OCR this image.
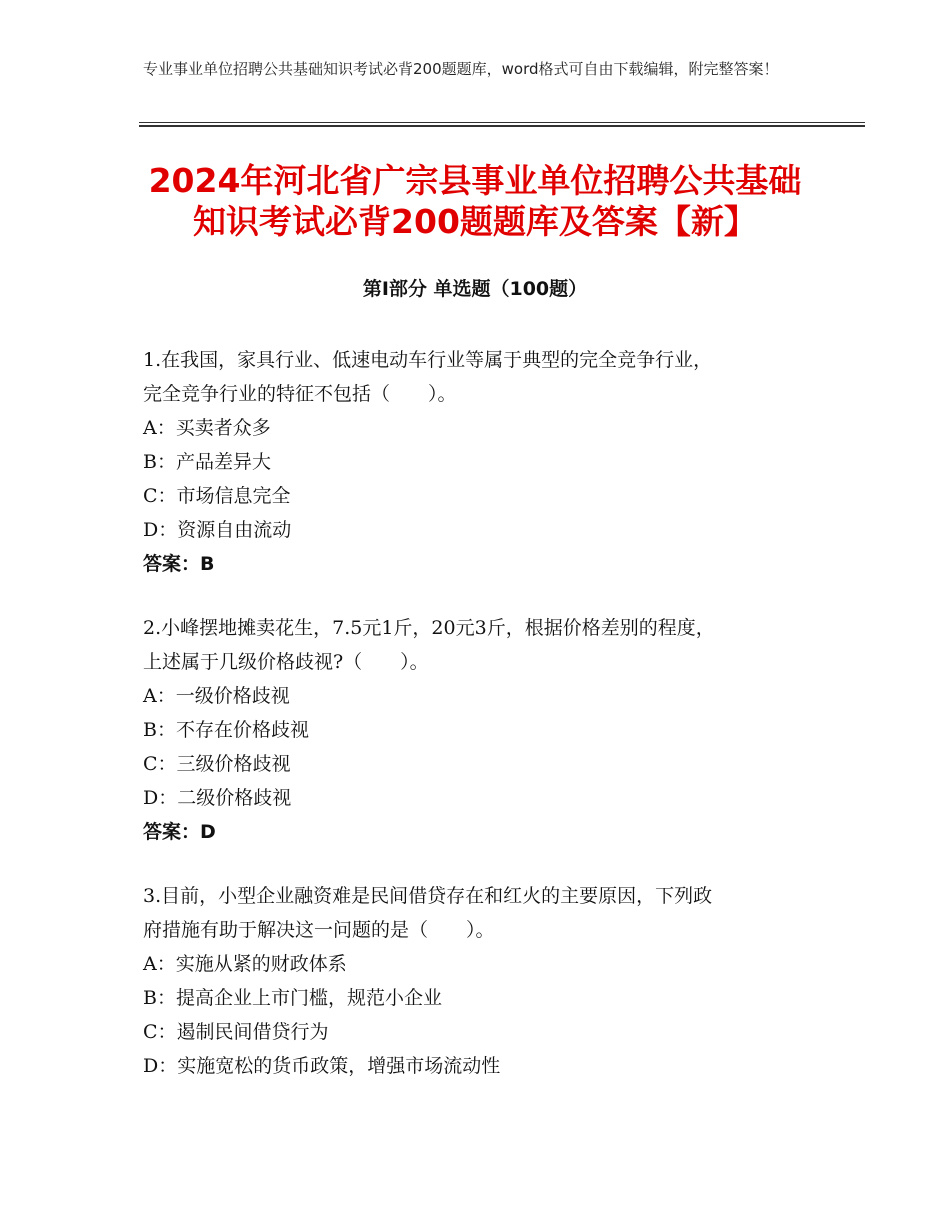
专业事业单位招聘公共基础知识考试必背200题题库，word格式可自由下载编辑，附完整答案！
2024年河北省广宗县事业单位招聘公共基础
知识考试必背200题题库及答案【新】
第Ⅰ部分 单选题（100题）
1.在我国，家具行业、低速电动车行业等属于典型的完全竞争行业，
完全竞争行业的特征不包括（　　）。
A：买卖者众多
B：产品差异大
C：市场信息完全
D：资源自由流动
答案：B
2.小峰摆地摊卖花生，7.5元1斤，20元3斤，根据价格差别的程度，
上述属于几级价格歧视?（　　）。
A：一级价格歧视
B：不存在价格歧视
C：三级价格歧视
D：二级价格歧视
答案：D
3.目前，小型企业融资难是民间借贷存在和红火的主要原因，下列政
府措施有助于解决这一问题的是（　　）。
A：实施从紧的财政体系
B：提高企业上市门槛，规范小企业
C：遏制民间借贷行为
D：实施宽松的货币政策，增强市场流动性
